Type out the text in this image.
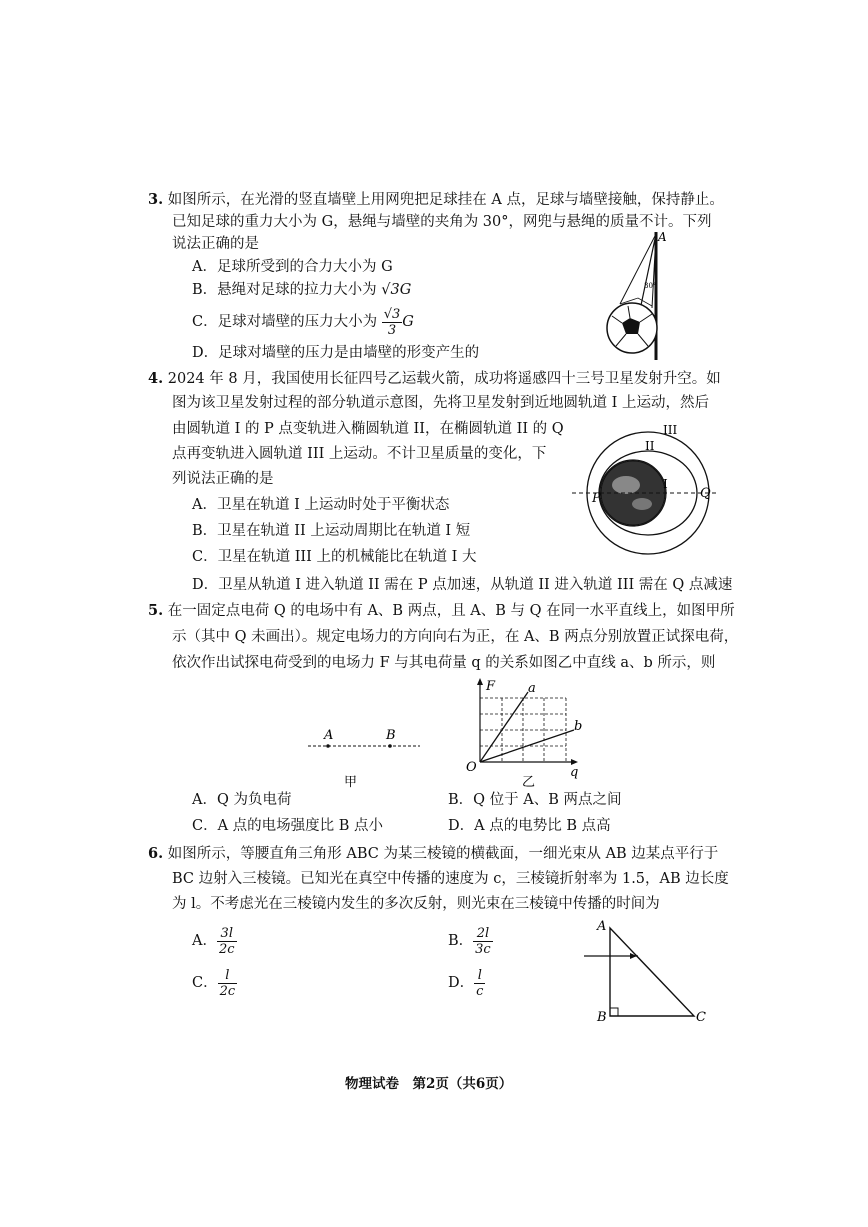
3. 如图所示，在光滑的竖直墙壁上用网兜把足球挂在 A 点，足球与墙壁接触，保持静止。
已知足球的重力大小为 G，悬绳与墙壁的夹角为 30°，网兜与悬绳的质量不计。下列
说法正确的是
A．足球所受到的合力大小为 G
B．悬绳对足球的拉力大小为 √3G
C．足球对墙壁的压力大小为 $\frac{√3}{3}$ G
D．足球对墙壁的压力是由墙壁的形变产生的
A
30°
4. 2024 年 8 月，我国使用长征四号乙运载火箭，成功将遥感四十三号卫星发射升空。如
图为该卫星发射过程的部分轨道示意图，先将卫星发射到近地圆轨道 I 上运动，然后
由圆轨道 I 的 P 点变轨进入椭圆轨道 II，在椭圆轨道 II 的 Q
点再变轨进入圆轨道 III 上运动。不计卫星质量的变化，下
列说法正确的是
A．卫星在轨道 I 上运动时处于平衡状态
B．卫星在轨道 II 上运动周期比在轨道 I 短
C．卫星在轨道 III 上的机械能比在轨道 I 大
D．卫星从轨道 I 进入轨道 II 需在 P 点加速，从轨道 II 进入轨道 III 需在 Q 点减速
P	Q
I
II
III
5. 在一固定点电荷 Q 的电场中有 A、B 两点，且 A、B 与 Q 在同一水平直线上，如图甲所
示（其中 Q 未画出）。规定电场力的方向向右为正，在 A、B 两点分别放置正试探电荷，
依次作出试探电荷受到的电场力 F 与其电荷量 q 的关系如图乙中直线 a、b 所示，则
A	B
甲
F	a
b
O	q
乙
A．Q 为负电荷	B．Q 位于 A、B 两点之间
C．A 点的电场强度比 B 点小	D．A 点的电势比 B 点高
6. 如图所示，等腰直角三角形 ABC 为某三棱镜的横截面，一细光束从 AB 边某点平行于
BC 边射入三棱镜。已知光在真空中传播的速度为 c，三棱镜折射率为 1.5，AB 边长度
为 l。不考虑光在三棱镜内发生的多次反射，则光束在三棱镜中传播的时间为
A． $\frac{3l}{2c}$	B． $\frac{2l}{3c}$
C． $\frac{l}{2c}$	D． $\frac{l}{c}$
A
B	C
物理试卷　第2页（共6页）
